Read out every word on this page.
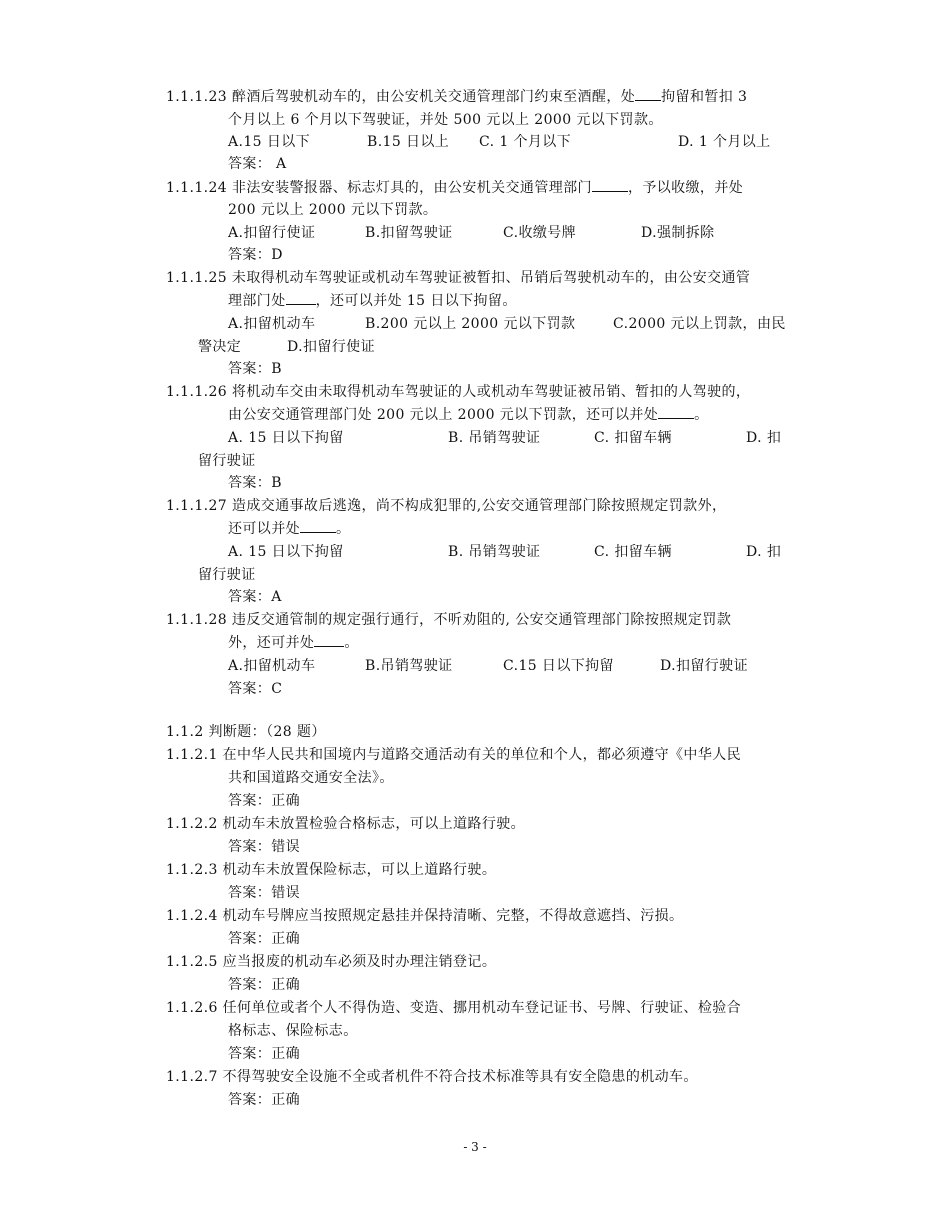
1.1.1.23 醉酒后驾驶机动车的，由公安机关交通管理部门约束至酒醒，处 拘留和暂扣 3
个月以上 6 个月以下驾驶证，并处 500 元以上 2000 元以下罚款。
A.15 日以下	B.15 日以上 C. 1 个月以下	D. 1 个月以上
答案： A
1.1.1.24 非法安装警报器、标志灯具的，由公安机关交通管理部门	，予以收缴，并处
200 元以上 2000 元以下罚款。
A.扣留行使证	B.扣留驾驶证	C.收缴号牌	D.强制拆除
答案：D
1.1.1.25 未取得机动车驾驶证或机动车驾驶证被暂扣、吊销后驾驶机动车的，由公安交通管
理部门处 ，还可以并处 15 日以下拘留。
A.扣留机动车	B.200 元以上 2000 元以下罚款	C.2000 元以上罚款，由民
警决定	D.扣留行使证
答案：B
1.1.1.26 将机动车交由未取得机动车驾驶证的人或机动车驾驶证被吊销、暂扣的人驾驶的，
由公安交通管理部门处 200 元以上 2000 元以下罚款，还可以并处	。
A. 15 日以下拘留	B. 吊销驾驶证	C. 扣留车辆	D. 扣
留行驶证
答案：B
1.1.1.27 造成交通事故后逃逸，尚不构成犯罪的,公安交通管理部门除按照规定罚款外，
还可以并处	。
A. 15 日以下拘留	B. 吊销驾驶证	C. 扣留车辆	D. 扣
留行驶证
答案：A
1.1.1.28 违反交通管制的规定强行通行，不听劝阻的, 公安交通管理部门除按照规定罚款
外，还可并处 。
A.扣留机动车	B.吊销驾驶证	C.15 日以下拘留	D.扣留行驶证
答案：C
1.1.2 判断题：（28 题）
1.1.2.1 在中华人民共和国境内与道路交通活动有关的单位和个人，都必须遵守《中华人民
共和国道路交通安全法》。
答案：正确
1.1.2.2 机动车未放置检验合格标志，可以上道路行驶。
答案：错误
1.1.2.3 机动车未放置保险标志，可以上道路行驶。
答案：错误
1.1.2.4 机动车号牌应当按照规定悬挂并保持清晰、完整，不得故意遮挡、污损。
答案：正确
1.1.2.5 应当报废的机动车必须及时办理注销登记。
答案：正确
1.1.2.6 任何单位或者个人不得伪造、变造、挪用机动车登记证书、号牌、行驶证、检验合
格标志、保险标志。
答案：正确
1.1.2.7 不得驾驶安全设施不全或者机件不符合技术标准等具有安全隐患的机动车。
答案：正确
- 3 -
